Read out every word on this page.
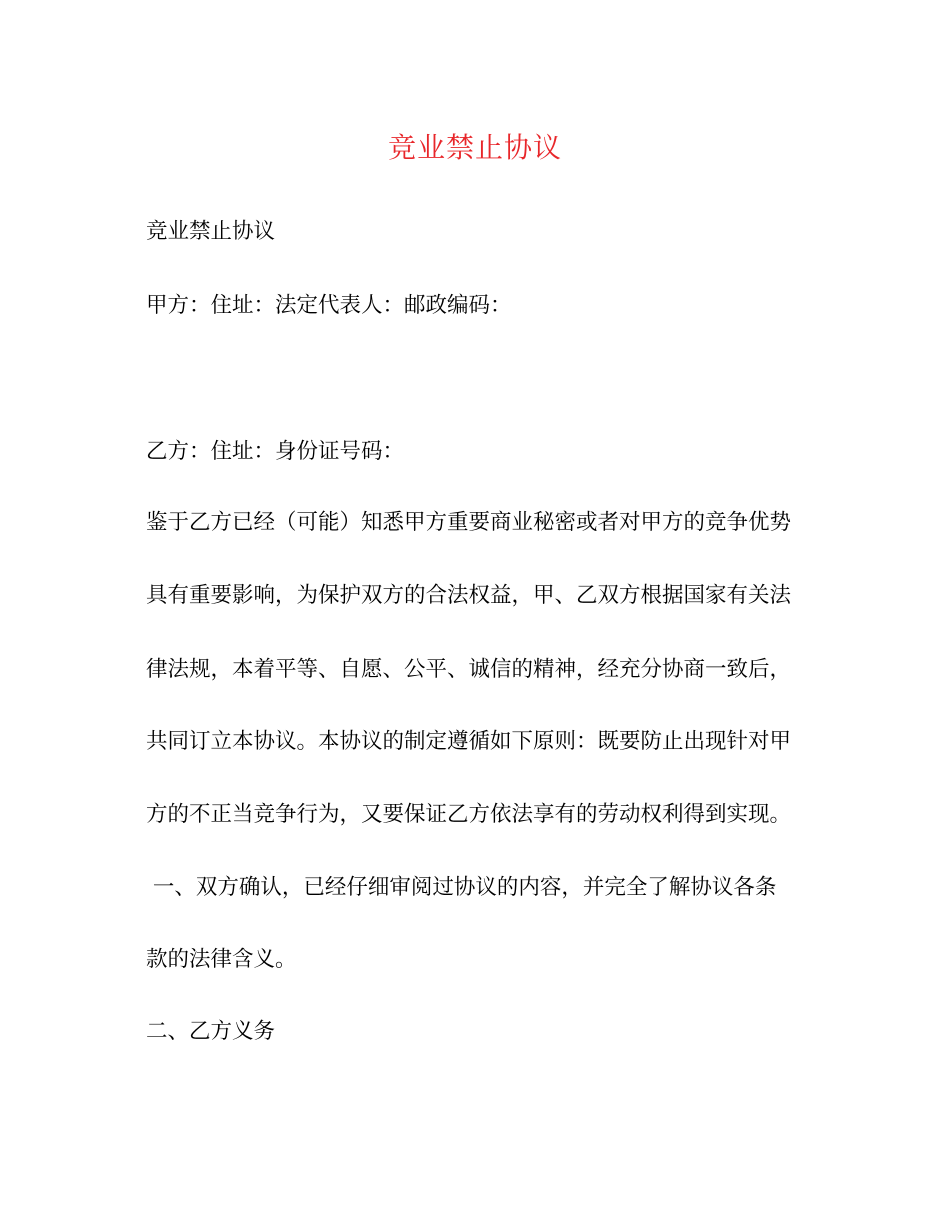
竞业禁止协议
竞业禁止协议
甲方：住址：法定代表人：邮政编码：
乙方：住址：身份证号码：
鉴于乙方已经（可能）知悉甲方重要商业秘密或者对甲方的竞争优势
具有重要影响，为保护双方的合法权益，甲、乙双方根据国家有关法
律法规，本着平等、自愿、公平、诚信的精神，经充分协商一致后，
共同订立本协议。本协议的制定遵循如下原则：既要防止出现针对甲
方的不正当竞争行为，又要保证乙方依法享有的劳动权利得到实现。
一、双方确认，已经仔细审阅过协议的内容，并完全了解协议各条
款的法律含义。
二、乙方义务
